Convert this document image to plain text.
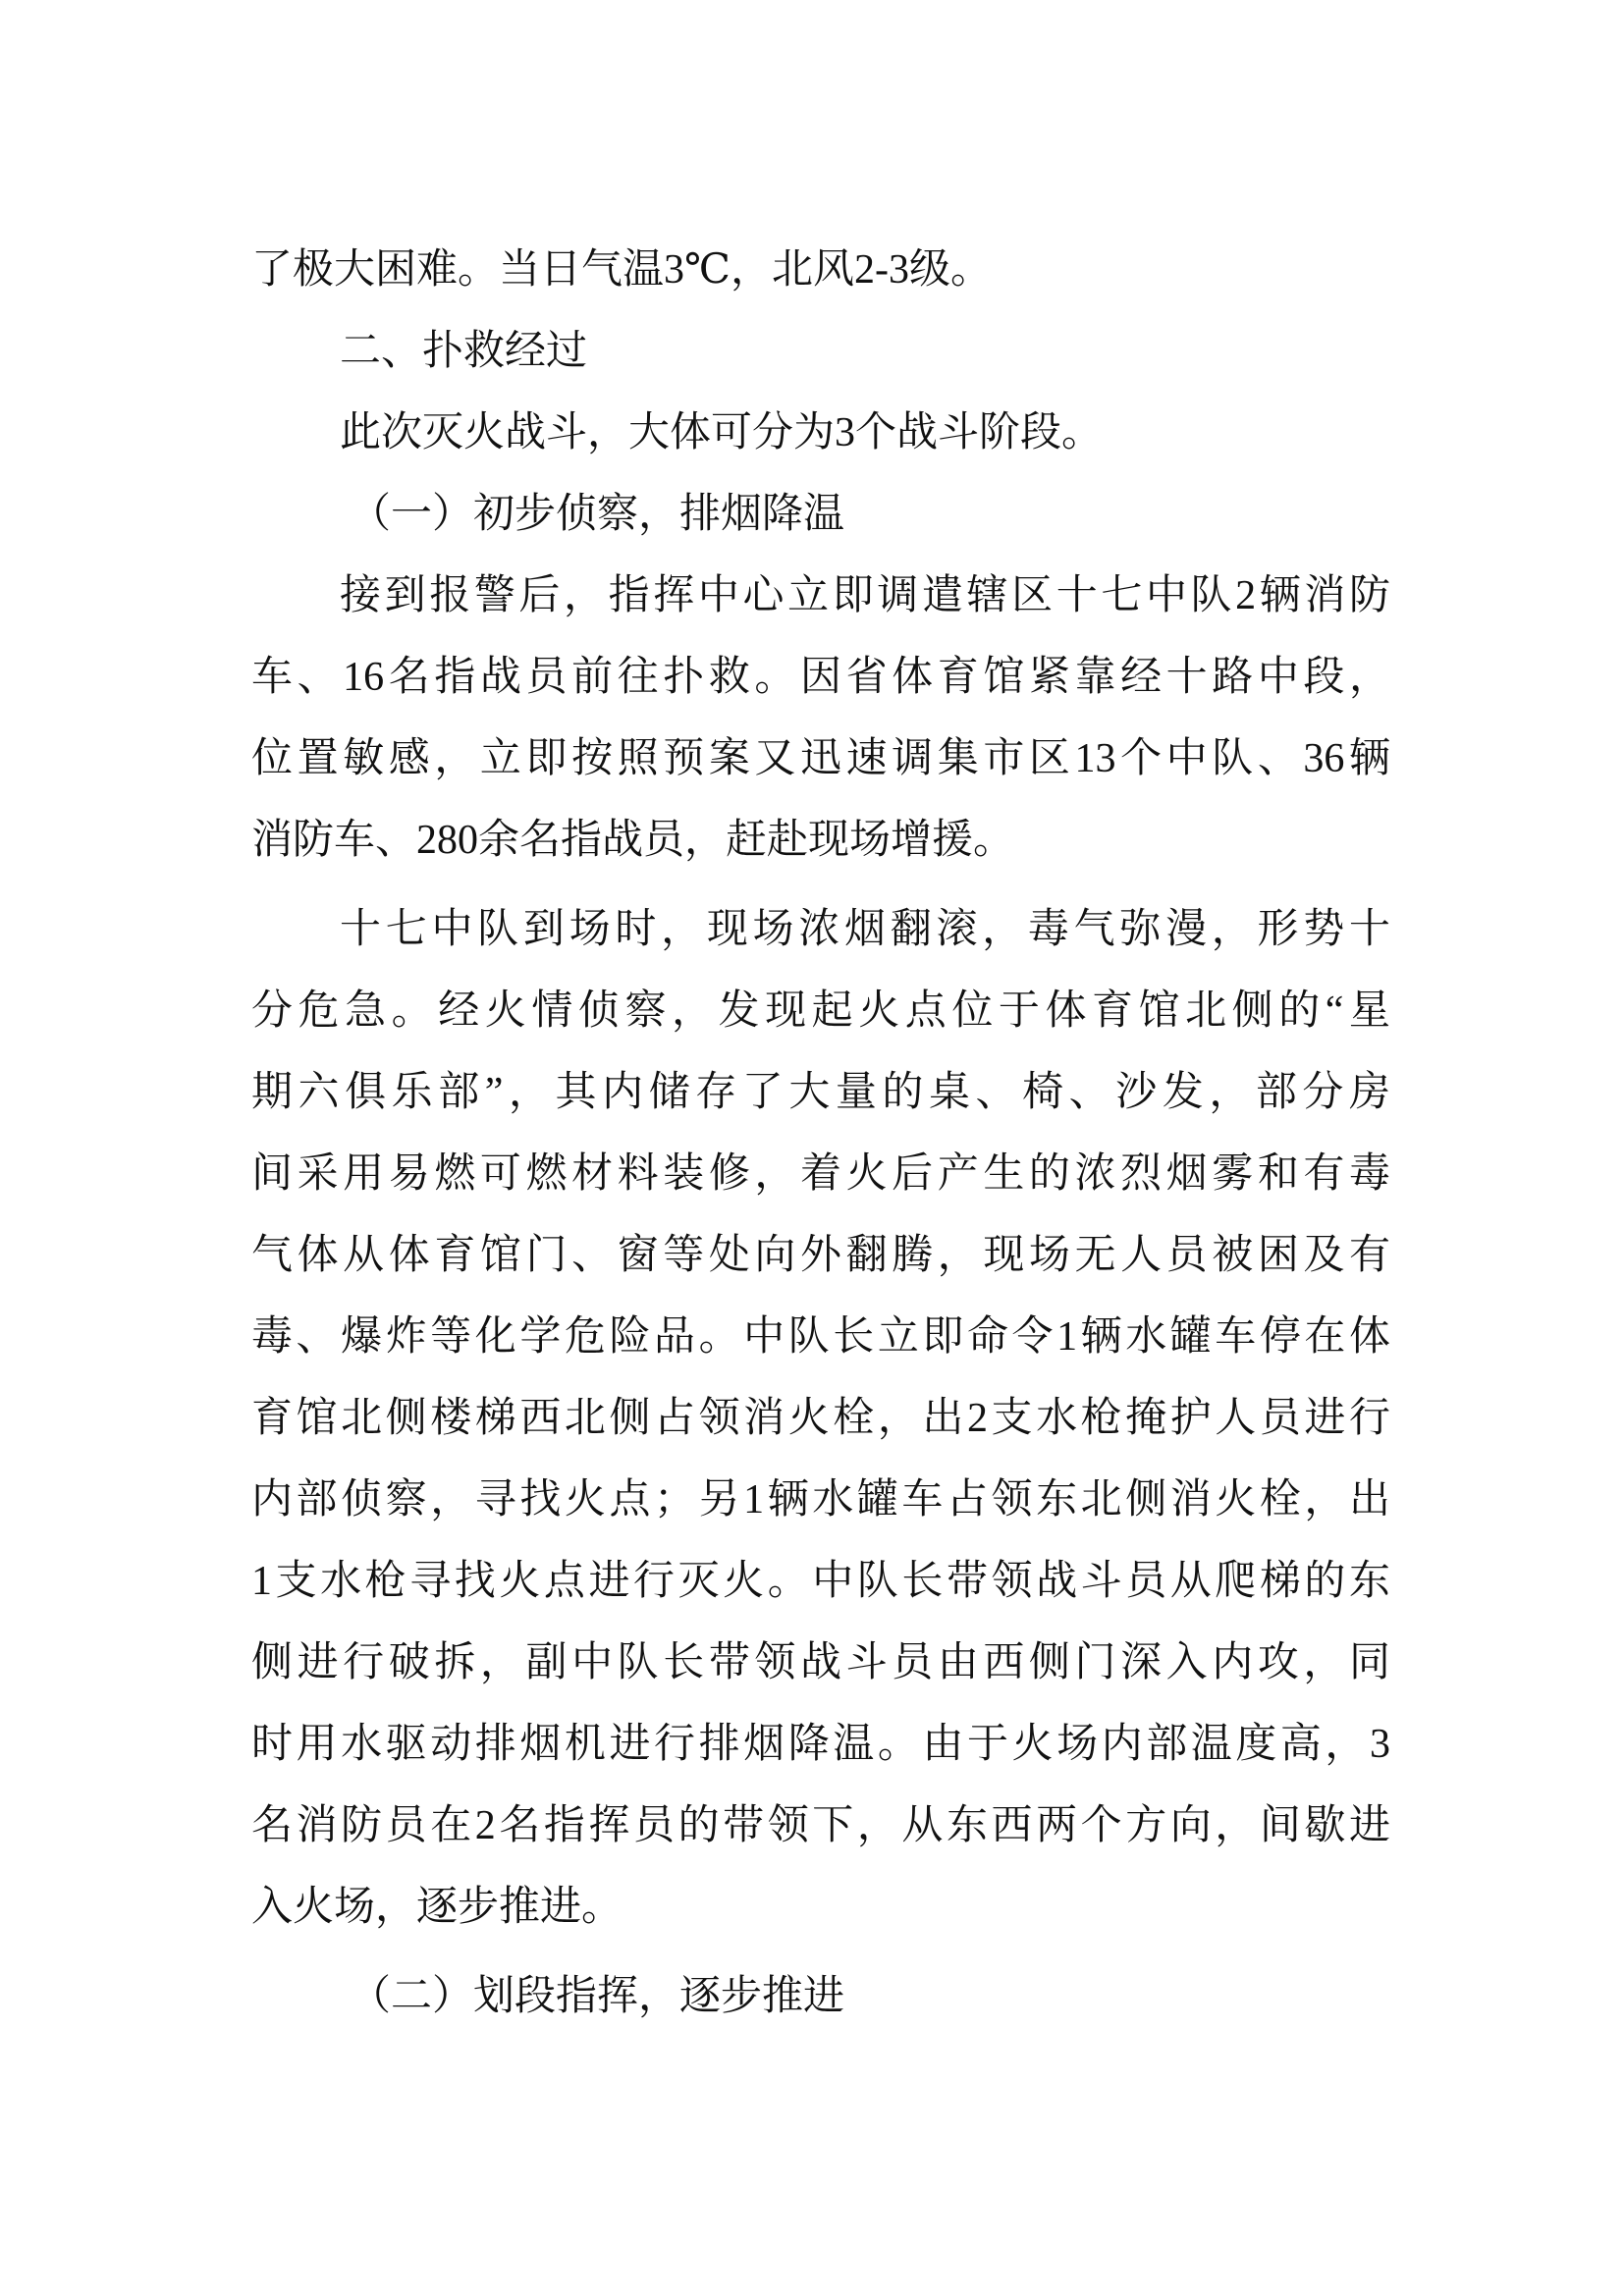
了极大困难。当日气温3℃，北风2-3级。
二、扑救经过
此次灭火战斗，大体可分为3个战斗阶段。
（一）初步侦察，排烟降温
接到报警后，指挥中心立即调遣辖区十七中队2辆消防
车、16名指战员前往扑救。因省体育馆紧靠经十路中段，
位置敏感，立即按照预案又迅速调集市区13个中队、36辆
消防车、280余名指战员，赶赴现场增援。
十七中队到场时，现场浓烟翻滚，毒气弥漫，形势十
分危急。经火情侦察，发现起火点位于体育馆北侧的“星
期六俱乐部”，其内储存了大量的桌、椅、沙发，部分房
间采用易燃可燃材料装修，着火后产生的浓烈烟雾和有毒
气体从体育馆门、窗等处向外翻腾，现场无人员被困及有
毒、爆炸等化学危险品。中队长立即命令1辆水罐车停在体
育馆北侧楼梯西北侧占领消火栓，出2支水枪掩护人员进行
内部侦察，寻找火点；另1辆水罐车占领东北侧消火栓，出
1支水枪寻找火点进行灭火。中队长带领战斗员从爬梯的东
侧进行破拆，副中队长带领战斗员由西侧门深入内攻，同
时用水驱动排烟机进行排烟降温。由于火场内部温度高，3
名消防员在2名指挥员的带领下，从东西两个方向，间歇进
入火场，逐步推进。
（二）划段指挥，逐步推进
